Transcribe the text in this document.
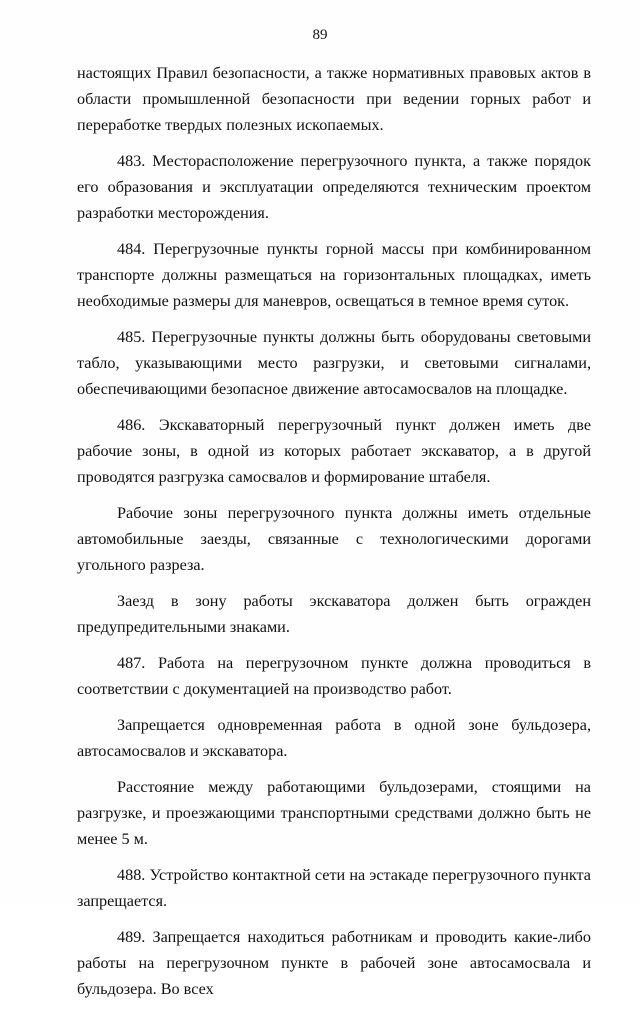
89

настоящих Правил безопасности, а также нормативных правовых актов в области промышленной безопасности при ведении горных работ и переработке твердых полезных ископаемых.

483. Месторасположение перегрузочного пункта, а также порядок его образования и эксплуатации определяются техническим проектом разработки месторождения.

484. Перегрузочные пункты горной массы при комбинированном транспорте должны размещаться на горизонтальных площадках, иметь необходимые размеры для маневров, освещаться в темное время суток.

485. Перегрузочные пункты должны быть оборудованы световыми табло, указывающими место разгрузки, и световыми сигналами, обеспечивающими безопасное движение автосамосвалов на площадке.

486. Экскаваторный перегрузочный пункт должен иметь две рабочие зоны, в одной из которых работает экскаватор, а в другой проводятся разгрузка самосвалов и формирование штабеля.

Рабочие зоны перегрузочного пункта должны иметь отдельные автомобильные заезды, связанные с технологическими дорогами угольного разреза.

Заезд в зону работы экскаватора должен быть огражден предупредительными знаками.

487. Работа на перегрузочном пункте должна проводиться в соответствии с документацией на производство работ.

Запрещается одновременная работа в одной зоне бульдозера, автосамосвалов и экскаватора.

Расстояние между работающими бульдозерами, стоящими на разгрузке, и проезжающими транспортными средствами должно быть не менее 5 м.

488. Устройство контактной сети на эстакаде перегрузочного пункта запрещается.

489. Запрещается находиться работникам и проводить какие-либо работы на перегрузочном пункте в рабочей зоне автосамосвала и бульдозера. Во всех
